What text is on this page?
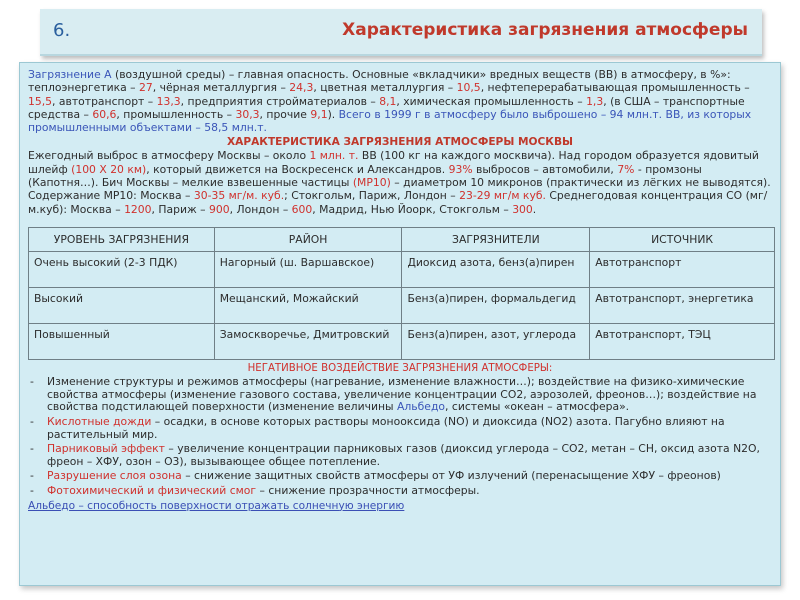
6.	Характеристика загрязнения атмосферы

Загрязнение А (воздушной среды) – главная опасность. Основные «вкладчики» вредных веществ (ВВ) в атмосферу, в %»: теплоэнергетика – 27, чёрная металлургия – 24,3, цветная металлургия – 10,5, нефтеперерабатывающая промышленность – 15,5, автотранспорт – 13,3, предприятия стройматериалов – 8,1, химическая промышленность – 1,3, (в США – транспортные средства – 60,6, промышленность – 30,3, прочие 9,1). Всего в 1999 г в атмосферу было выброшено – 94 млн.т. ВВ, из которых промышленными объектами – 58,5 млн.т.

ХАРАКТЕРИСТИКА ЗАГРЯЗНЕНИЯ АТМОСФЕРЫ МОСКВЫ

Ежегодный выброс в атмосферу Москвы – около 1 млн. т. ВВ (100 кг на каждого москвича). Над городом образуется ядовитый шлейф (100 Х 20 км), который движется на Воскресенск и Александров. 93% выбросов – автомобили, 7% - промзоны (Капотня…). Бич Москвы – мелкие взвешенные частицы (МР10) – диаметром 10 микронов (практически из лёгких не выводятся). Содержание МР10: Москва – 30-35 мг/м. куб.; Стокгольм, Париж, Лондон – 23-29 мг/м куб. Среднегодовая концентрация СО (мг/м.куб): Москва – 1200, Париж – 900, Лондон – 600, Мадрид, Нью Йоорк, Стокгольм – 300.

УРОВЕНЬ ЗАГРЯЗНЕНИЯ	РАЙОН	ЗАГРЯЗНИТЕЛИ	ИСТОЧНИК
Очень высокий (2-3 ПДК)	Нагорный (ш. Варшавское)	Диоксид азота, бенз(а)пирен	Автотранспорт
Высокий	Мещанский, Можайский	Бенз(а)пирен, формальдегид	Автотранспорт, энергетика
Повышенный	Замоскворечье, Дмитровский	Бенз(а)пирен, азот, углерода	Автотранспорт, ТЭЦ
НЕГАТИВНОЕ ВОЗДЕЙСТВИЕ ЗАГРЯЗНЕНИЯ АТМОСФЕРЫ:
- Изменение структуры и режимов атмосферы (нагревание, изменение влажности…); воздействие на физико-химические свойства атмосферы (изменение газового состава, увеличение концентрации CO2, аэрозолей, фреонов…); воздействие на свойства подстилающей поверхности (изменение величины Альбедо, системы «океан – атмосфера».
- Кислотные дожди – осадки, в основе которых растворы монооксида (NO) и диоксида (NO2) азота. Пагубно влияют на растительный мир.
- Парниковый эффект – увеличение концентрации парниковых газов (диоксид углерода – CO2, метан – CH, оксид азота N2O, фреон – ХФУ, озон – O3), вызывающее общее потепление.
- Разрушение слоя озона – снижение защитных свойств атмосферы от УФ излучений (перенасыщение ХФУ – фреонов)
- Фотохимический и физический смог – снижение прозрачности атмосферы.
Альбедо – способность поверхности отражать солнечную энергию
